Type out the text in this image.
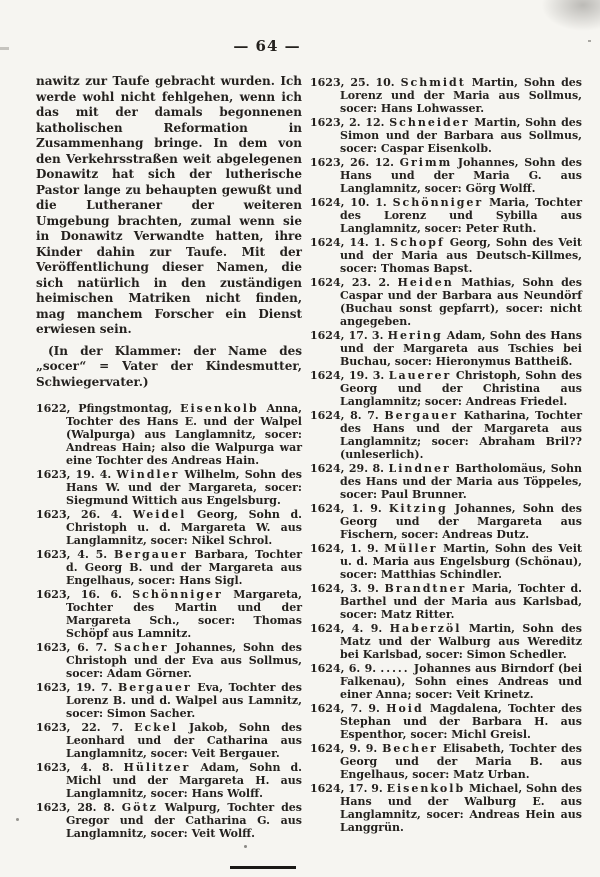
— 64 —

nawitz zur Taufe gebracht wurden. Ich werde wohl nicht fehlgehen, wenn ich das mit der damals begonnenen katholischen Reformation in Zusammenhang bringe. In dem von den Verkehrsstraßen weit abgelegenen Donawitz hat sich der lutherische Pastor lange zu behaupten gewußt und die Lutheraner der weiteren Umgebung brachten, zumal wenn sie in Donawitz Verwandte hatten, ihre Kinder dahin zur Taufe. Mit der Veröffentlichung dieser Namen, die sich natürlich in den zuständigen heimischen Matriken nicht finden, mag manchem Forscher ein Dienst erwiesen sein.

(In der Klammer: der Name des „socer“ = Vater der Kindesmutter, Schwiegervater.)

1622, Pfingstmontag, Eisenkolb Anna, Tochter des Hans E. und der Walpel (Walpurga) aus Langlamnitz, socer: Andreas Hain; also die Walpurga war eine Tochter des Andreas Hain.
1623, 19. 4. Windler Wilhelm, Sohn des Hans W. und der Margareta, socer: Siegmund Wittich aus Engelsburg.
1623, 26. 4. Weidel Georg, Sohn d. Christoph u. d. Margareta W. aus Langlamnitz, socer: Nikel Schrol.
1623, 4. 5. Bergauer Barbara, Tochter d. Georg B. und der Margareta aus Engelhaus, socer: Hans Sigl.
1623, 16. 6. Schönniger Margareta, Tochter des Martin und der Margareta Sch., socer: Thomas Schöpf aus Lamnitz.
1623, 6. 7. Sacher Johannes, Sohn des Christoph und der Eva aus Sollmus, socer: Adam Görner.
1623, 19. 7. Bergauer Eva, Tochter des Lorenz B. und d. Walpel aus Lamnitz, socer: Simon Sacher.
1623, 22. 7. Eckel Jakob, Sohn des Leonhard und der Catharina aus Langlamnitz, socer: Veit Bergauer.
1623, 4. 8. Hülitzer Adam, Sohn d. Michl und der Margareta H. aus Langlamnitz, socer: Hans Wolff.
1623, 28. 8. Götz Walpurg, Tochter des Gregor und der Catharina G. aus Langlamnitz, socer: Veit Wolff.
1623, 25. 10. Schmidt Martin, Sohn des Lorenz und der Maria aus Sollmus, socer: Hans Lohwasser.
1623, 2. 12. Schneider Martin, Sohn des Simon und der Barbara aus Sollmus, socer: Caspar Eisenkolb.
1623, 26. 12. Grimm Johannes, Sohn des Hans und der Maria G. aus Langlamnitz, socer: Görg Wolff.
1624, 10. 1. Schönniger Maria, Tochter des Lorenz und Sybilla aus Langlamnitz, socer: Peter Ruth.
1624, 14. 1. Schopf Georg, Sohn des Veit und der Maria aus Deutsch-Killmes, socer: Thomas Bapst.
1624, 23. 2. Heiden Mathias, Sohn des Caspar und der Barbara aus Neundörf (Buchau sonst gepfarrt), socer: nicht angegeben.
1624, 17. 3. Hering Adam, Sohn des Hans und der Margareta aus Tschies bei Buchau, socer: Hieronymus Battheiß.
1624, 19. 3. Lauerer Christoph, Sohn des Georg und der Christina aus Langlamnitz; socer: Andreas Friedel.
1624, 8. 7. Bergauer Katharina, Tochter des Hans und der Margareta aus Langlamnitz; socer: Abraham Bril?? (unleserlich).
1624, 29. 8. Lindner Bartholomäus, Sohn des Hans und der Maria aus Töppeles, socer: Paul Brunner.
1624, 1. 9. Kitzing Johannes, Sohn des Georg und der Margareta aus Fischern, socer: Andreas Dutz.
1624, 1. 9. Müller Martin, Sohn des Veit u. d. Maria aus Engelsburg (Schönau), socer: Matthias Schindler.
1624, 3. 9. Brandtner Maria, Tochter d. Barthel und der Maria aus Karlsbad, socer: Matz Ritter.
1624, 4. 9. Haberzöl Martin, Sohn des Matz und der Walburg aus Wereditz bei Karlsbad, socer: Simon Schedler.
1624, 6. 9. ..... Johannes aus Birndorf (bei Falkenau), Sohn eines Andreas und einer Anna; socer: Veit Krinetz.
1624, 7. 9. Hoid Magdalena, Tochter des Stephan und der Barbara H. aus Espenthor, socer: Michl Greisl.
1624, 9. 9. Becher Elisabeth, Tochter des Georg und der Maria B. aus Engelhaus, socer: Matz Urban.
1624, 17. 9. Eisenkolb Michael, Sohn des Hans und der Walburg E. aus Langlamnitz, socer: Andreas Hein aus Langgrün.
